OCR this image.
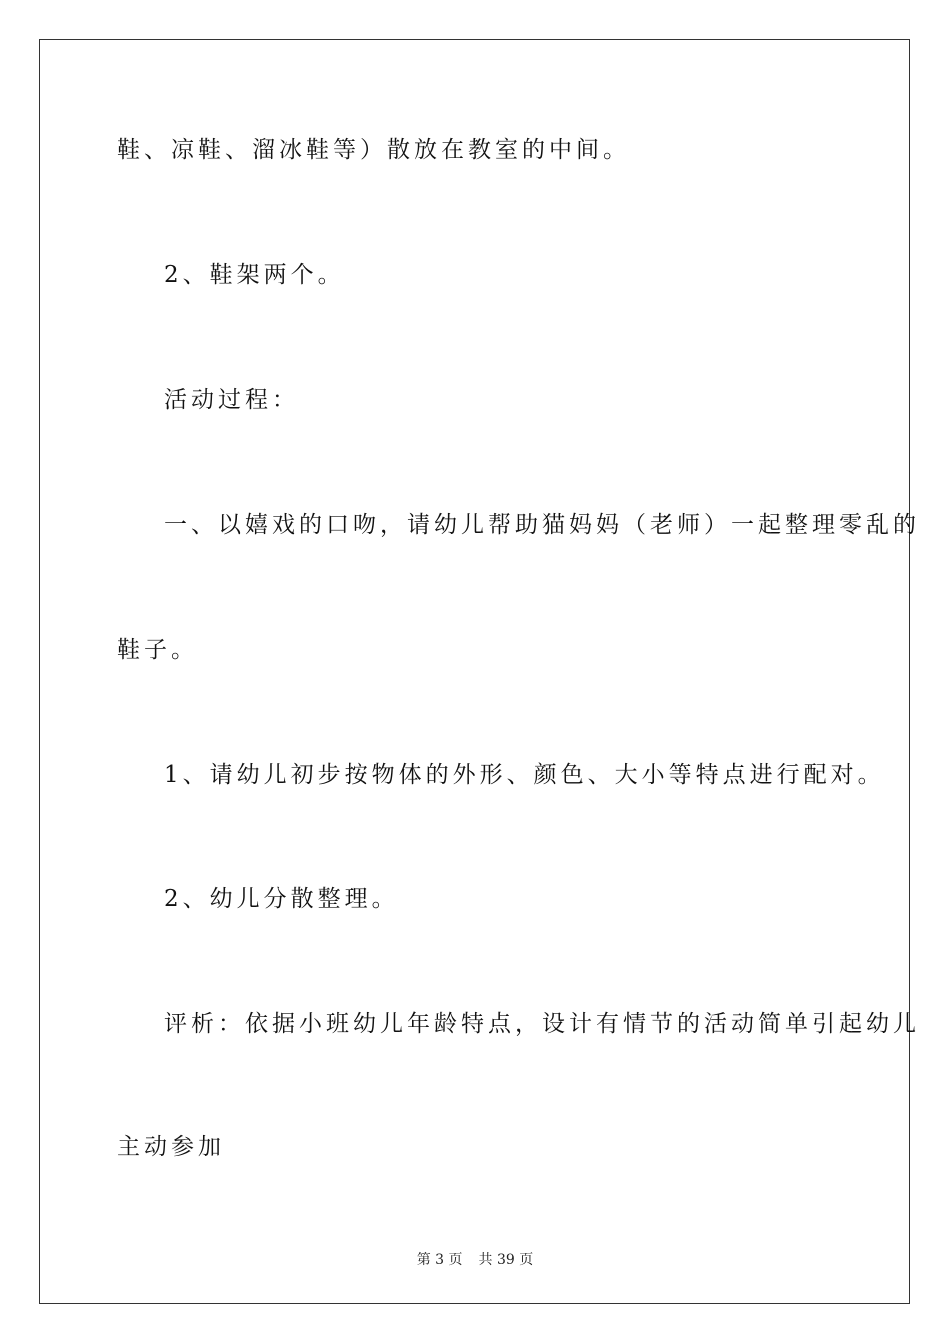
鞋、凉鞋、溜冰鞋等）散放在教室的中间。
2、鞋架两个。
活动过程：
一、以嬉戏的口吻，请幼儿帮助猫妈妈（老师）一起整理零乱的
鞋子。
1、请幼儿初步按物体的外形、颜色、大小等特点进行配对。
2、幼儿分散整理。
评析：依据小班幼儿年龄特点，设计有情节的活动简单引起幼儿
主动参加
第 3 页 共 39 页
